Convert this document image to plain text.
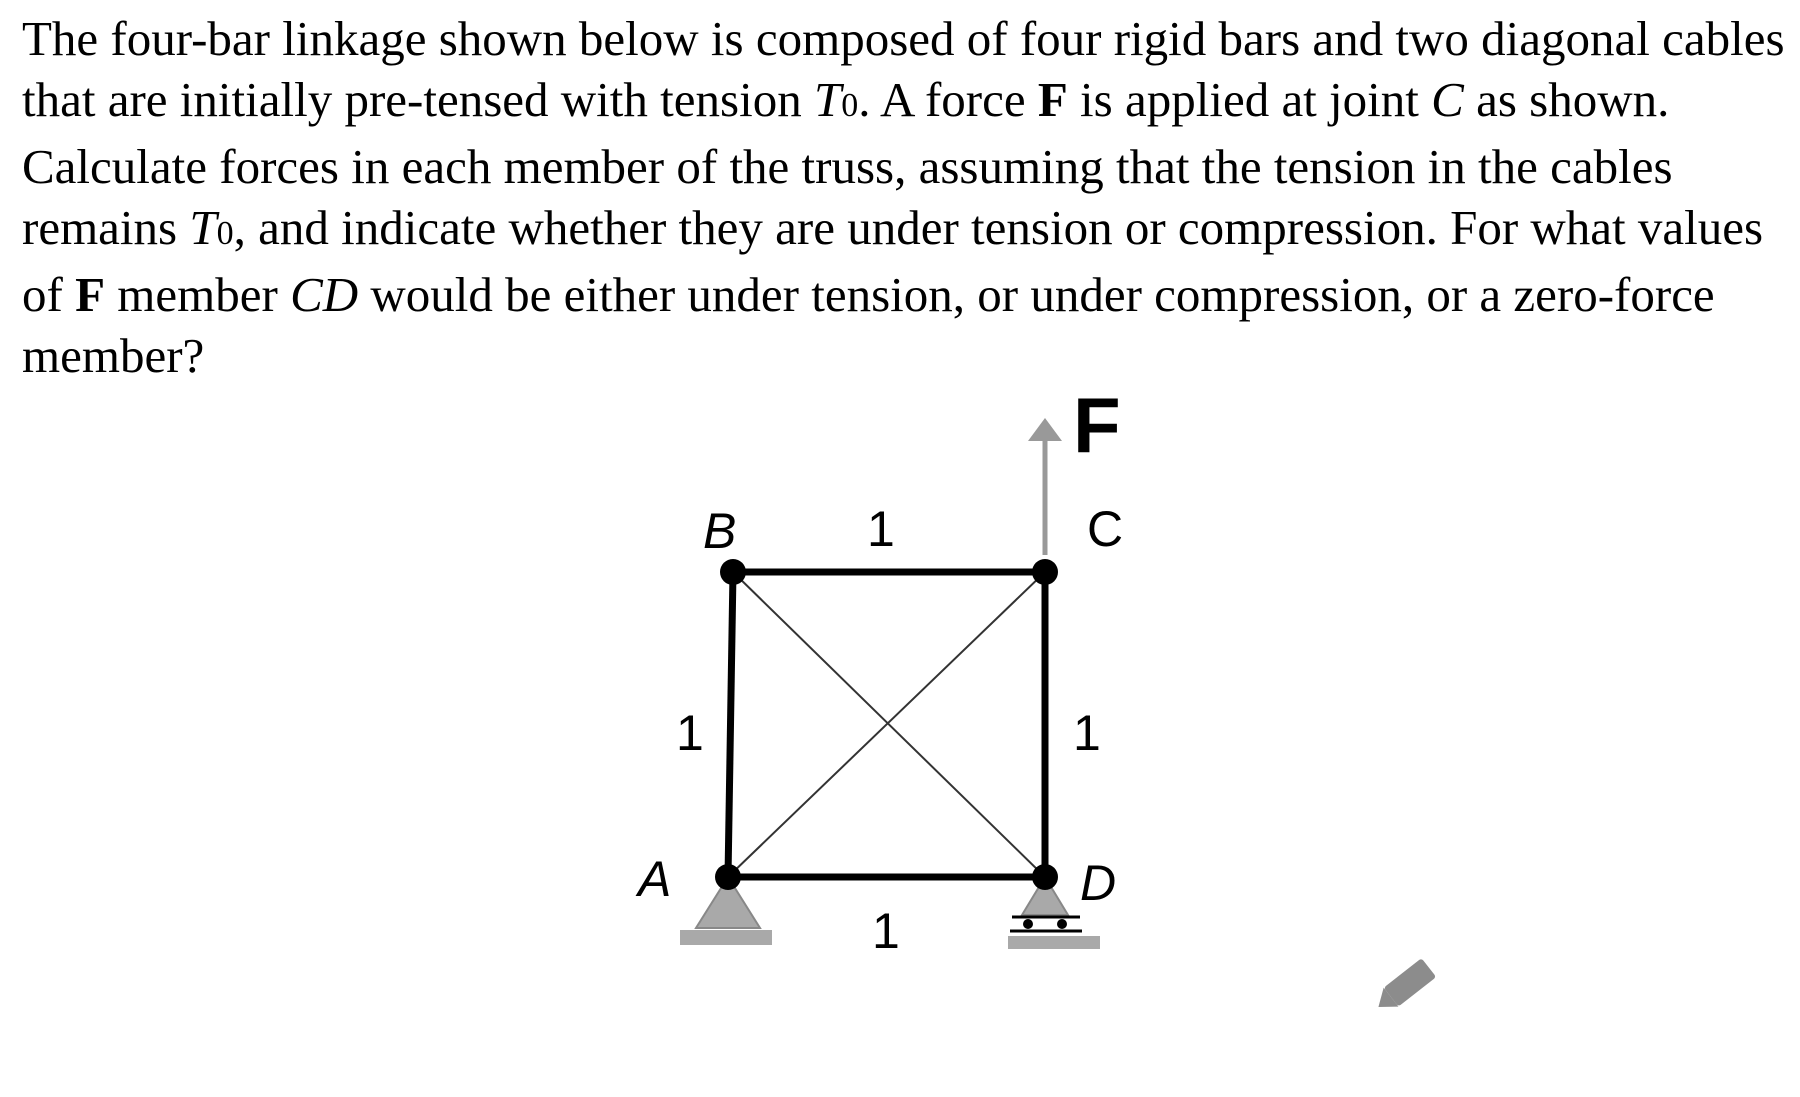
The four-bar linkage shown below is composed of four rigid bars and two diagonal cables that are initially pre-tensed with tension T0. A force F is applied at joint C as shown. Calculate forces in each member of the truss, assuming that the tension in the cables remains T0, and indicate whether they are under tension or compression. For what values of F member CD would be either under tension, or under compression, or a zero-force member?

F
B	C
A	D
1
1	1
1
